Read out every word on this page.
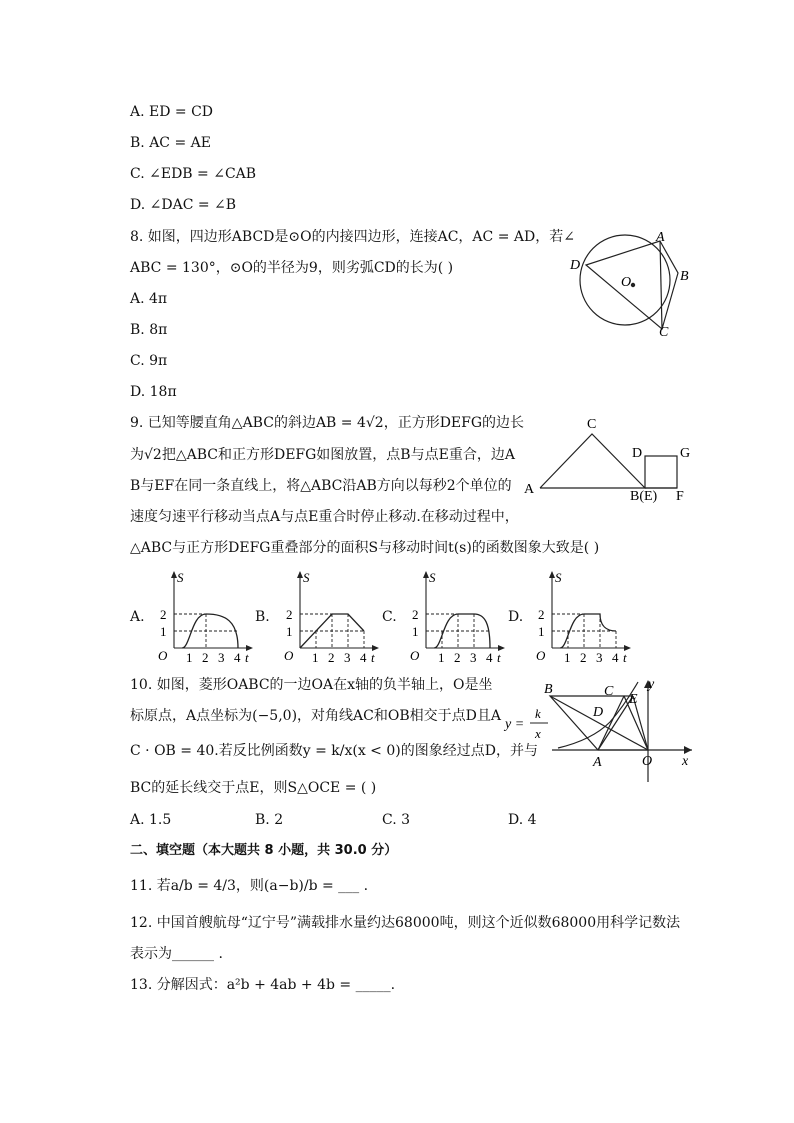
A. ED = CD
B. AC = AE
C. ∠EDB = ∠CAB
D. ∠DAC = ∠B
8. 如图，四边形ABCD是⊙O的内接四边形，连接AC，AC = AD，若∠
ABC = 130°，⊙O的半径为9，则劣弧CD的长为( )
A. 4π
B. 8π
C. 9π
D. 18π
A
B
C
D
O
9. 已知等腰直角△ABC的斜边AB = 4√2，正方形DEFG的边长
为√2把△ABC和正方形DEFG如图放置，点B与点E重合，边A
B与EF在同一条直线上，将△ABC沿AB方向以每秒2个单位的
速度匀速平行移动当点A与点E重合时停止移动.在移动过程中，
△ABC与正方形DEFG重叠部分的面积S与移动时间t(s)的函数图象大致是( )
C
A
D	G
B(E) F
A.	B.	C.	D.
S
t
O
1
2
1 2 3 4
S
t
O
1
2
1 2 3 4
S
t
O
1
2
1 2 3 4
S
t
O
1
2
1 2 3 4
10. 如图，菱形OABC的一边OA在x轴的负半轴上，O是坐
标原点，A点坐标为(−5,0)，对角线AC和OB相交于点D且A
C · OB = 40.若反比例函数y = k/x(x < 0)的图象经过点D，并与
BC的延长线交于点E，则S△OCE = ( )
A. 1.5	B. 2	C. 3	D. 4
B	C
D
E
A	O x
y
y =
k
x
二、填空题（本大题共 8 小题，共 30.0 分）
11. 若a/b = 4/3，则(a−b)/b = ___ .
12. 中国首艘航母“辽宁号”满载排水量约达68000吨，则这个近似数68000用科学记数法
表示为______ .
13. 分解因式：a²b + 4ab + 4b = _____.
